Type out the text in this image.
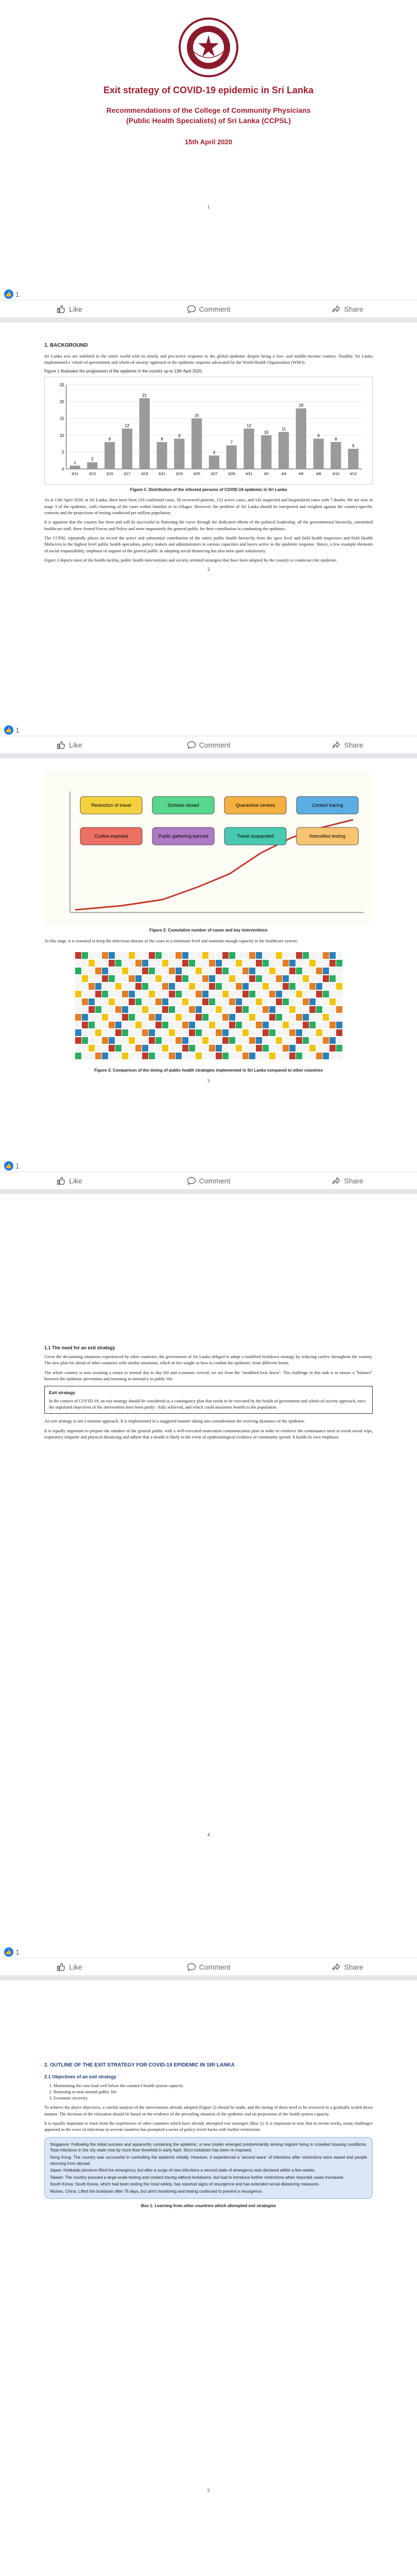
Exit strategy of COVID-19 epidemic in Sri Lanka
Recommendations of the College of Community Physicians
(Public Health Specialists) of Sri Lanka (CCPSL)
15th April 2020
1
👍 1
Like	Comment	Share
1. BACKGROUND

Sri Lanka acts are indebted to the entire world with its timely and pro-active response to the global epidemic despite being a low- and middle-income country. Notably, Sri Lanka implemented a 'whole-of-government and whole-of-society' approach to the epidemic response advocated by the World Health Organization (WHO).

Figure 1 Illustrates the progression of the epidemic in the country up to 13th April 2020.
0
5
10
15
20
25
1
3/11
2
3/13
8
3/15
12
3/17
21
3/19
8
3/21
9
3/23
15
3/25
4
3/27
7
3/29
12
3/31
10
4/2
11
4/4
18
4/6
9
4/8
8
4/10
6
4/12
Figure 1: Distribution of the infected persons of COVID-19 epidemic in Sri Lanka

As at 13th April 2020, in Sri Lanka, there have been 218 confirmed cases, 56 recovered patients, 152 active cases, and 142 suspected and hospitalized cases with 7 deaths. We are now in stage 3 of the epidemic, with clustering of the cases within families or in villages. However, the problem of Sri Lanka should be interpreted and weighed against the country-specific contexts and the projections of testing conducted per million population.

It is apparent that the country has been and will be successful in flattening the curve through the dedicated efforts of the political leadership, all the governmental hierarchy, committed healthcare staff, three Armed Forces and Police and more importantly the general public for their contribution in combatting the epidemic.

The CCPSL repeatedly places on record the active and substantial contribution of the entire public health hierarchy from the apex level and field health inspectors and field Health Midwives to the highest level public health specialists, policy makers and administrators in various capacities and layers active in the epidemic response. Hence, a few example elements of social responsibility, emphasis of support of the general public in adopting social distancing has also been quite satisfactory.

Figure 2 depicts most of the health-facility, public health interventions and society oriented strategies that have been adopted by the country to counteract the epidemic.

2
👍 1
Like	Comment	Share
Restriction of travel	Schools closed	Quarantine centres	Contact tracing
Curfew imposed	Public gathering banned	Travel suspended	Intensified testing
Figure 2: Cumulative number of cases and key interventions

At this stage, it is essential to keep the infectious disease of the cases to a minimum level and maintain enough capacity in the healthcare system.

Figure 3: Comparison of the timing of public health strategies implemented in Sri Lanka compared to other countries
3
👍 1
Like	Comment	Share
1.1 The need for an exit strategy

Given the devastating situations experienced by other countries, the government of Sri Lanka obliged to adopt a modified lockdown strategy by reducing curfew throughout the country. The new plan for ahead of other countries with similar situations, which in fact taught us how to combat the epidemic, from different fronts.

The whole country is now awaiting a return to normal day to day life and economic revival, we are from the "modified lock down". The challenge in this task is to ensure a "balance" between the epidemic prevention and returning to normalcy in public life.

Exit strategy
In the context of COVID-19, an exit strategy should be considered as a contingency plan that needs to be executed by the health of government and whole-of-society approach, once the stipulated objectives of the intervention have been partly / fully achieved, and which could maximise benefit to the population.

An exit strategy is not a onetime approach. It is implemented in a staggered manner taking into consideration the evolving dynamics of the epidemic.

It is equally important to prepare the mindset of the general public with a well-executed motivation communication plan in order to reinforce the continuance need to avoid social trips, respiratory etiquette and physical distancing and adhere that a month is likely to the event of epidemiological evidence of community spread. It builds its own emphasis.

4
👍 1
Like	Comment	Share
2. OUTLINE OF THE EXIT STRATEGY FOR COVID-19 EPIDEMIC IN SRI LANKA
2.1 Objectives of an exit strategy
1. Maintaining the case load well below the country's health system capacity
2. Returning to near normal public life
3. Economic recovery

To achieve the above objectives, a careful analysis of the interventions already adopted (Figure 2) should be made, and the timing of these need to be reviewed in a gradually scaled down manner. The decision of the relaxation should be based on the evidence of the prevailing situation of the epidemic and on projections of the health system capacity.

It is equally important to learn from the experiences of other countries which have already attempted exit strategies (Box 1). It is important to note that in recent weeks, many challenges appeared in the wave of infections in several countries has prompted a series of policy revert backs with further restrictions.

Singapore: Following the initial success and apparently containing the epidemic, a new cluster emerged predominantly among migrant living in crowded housing conditions. Total infections in the city-state rose by more than threefold in early April. Strict lockdown has been re-imposed.

Hong Kong: The country was successful in controlling the epidemic initially. However, it experienced a 'second wave' of infections after restrictions were eased and people returning from abroad.

Japan: Hokkaido province lifted the emergency, but after a surge of new infections a second state of emergency was declared within a few weeks.

Taiwan: The country pursued a large-scale testing and contact tracing without lockdowns, but had to introduce further restrictions when imported cases increased.

South Korea: South Korea, which had been testing the most widely, has reported signs of resurgence and has extended social distancing measures.

Wuhan, China: Lifted the lockdown after 76 days, but strict monitoring and testing continued to prevent a resurgence.

Box 1: Learning from other countries which attempted exit strategies
5
